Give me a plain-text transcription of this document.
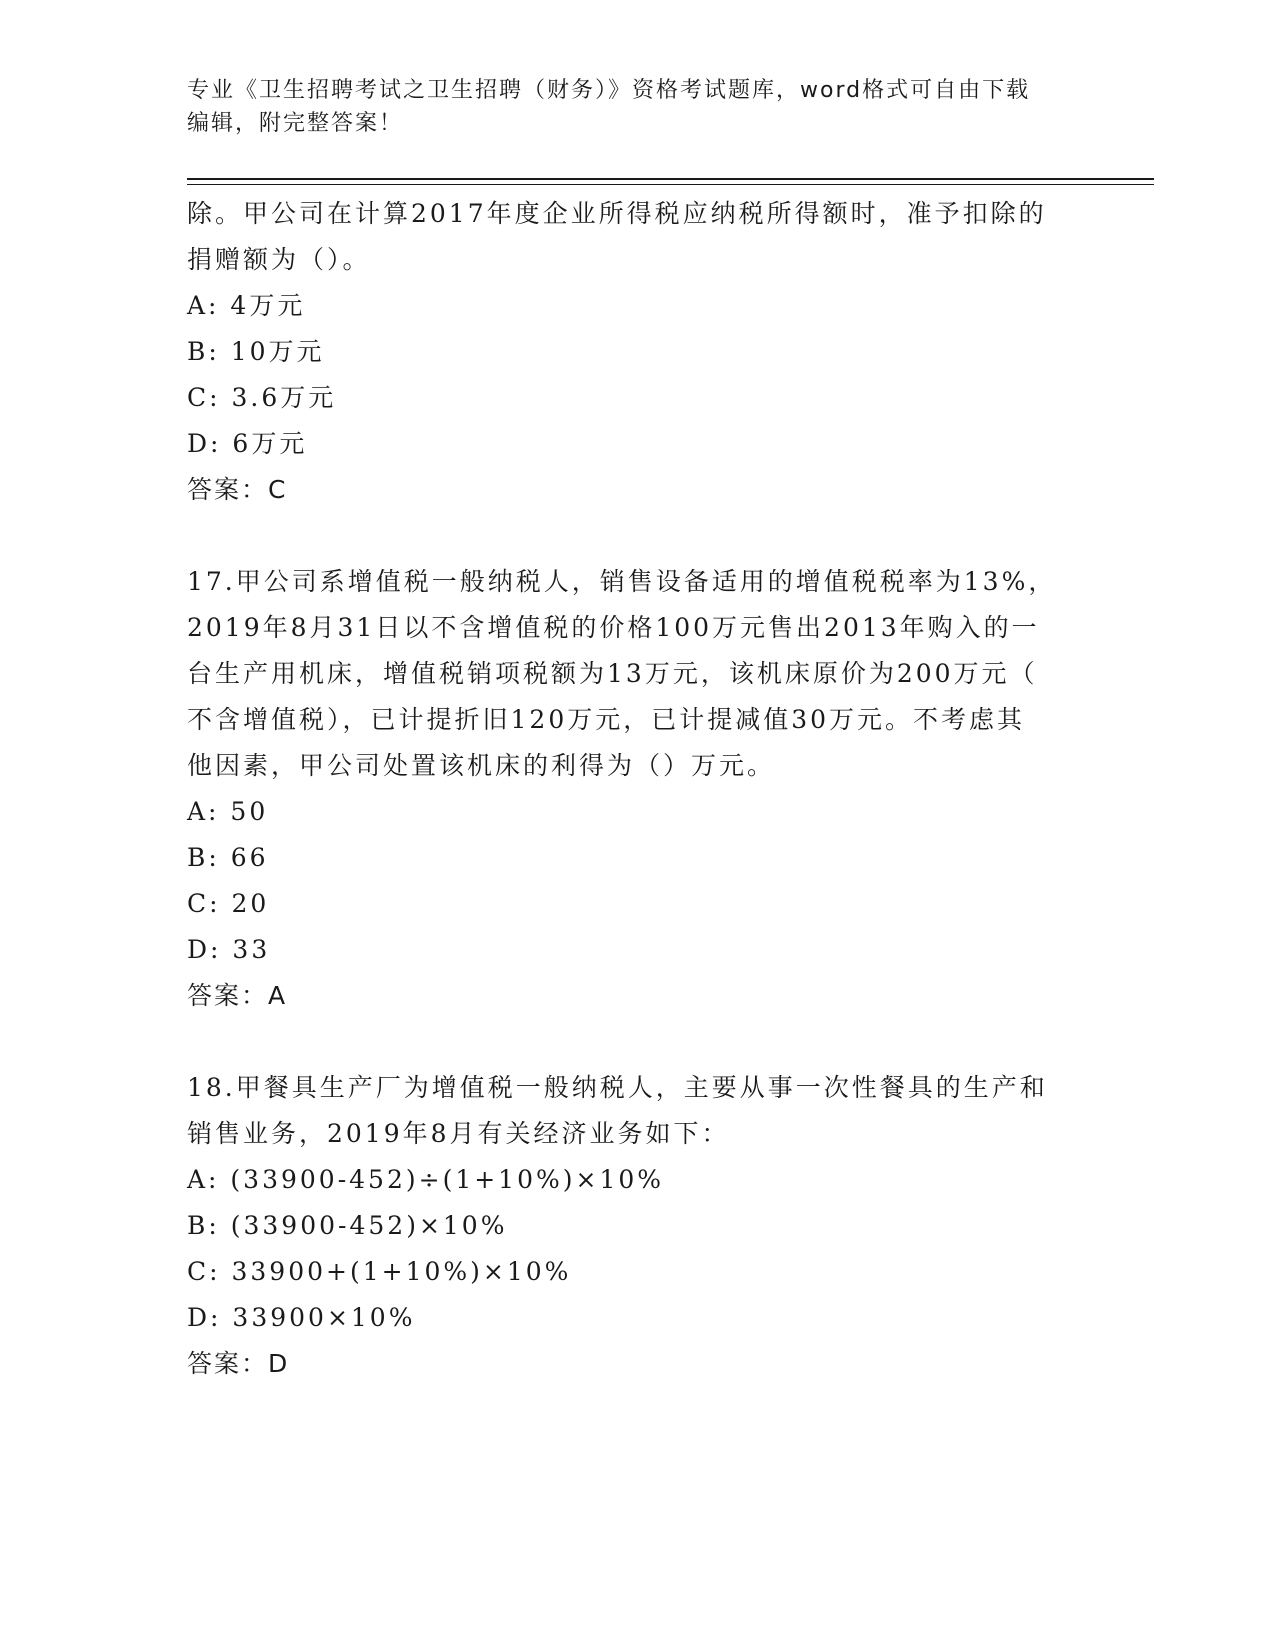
专业《卫生招聘考试之卫生招聘（财务）》资格考试题库，word格式可自由下载
编辑，附完整答案！
除。甲公司在计算2017年度企业所得税应纳税所得额时，准予扣除的
捐赠额为（）。
A: 4万元
B: 10万元
C: 3.6万元
D: 6万元
答案：C
17.甲公司系增值税一般纳税人，销售设备适用的增值税税率为13%，
2019年8月31日以不含增值税的价格100万元售出2013年购入的一
台生产用机床，增值税销项税额为13万元，该机床原价为200万元（
不含增值税），已计提折旧120万元，已计提减值30万元。不考虑其
他因素，甲公司处置该机床的利得为（）万元。
A: 50
B: 66
C: 20
D: 33
答案：A
18.甲餐具生产厂为增值税一般纳税人，主要从事一次性餐具的生产和
销售业务，2019年8月有关经济业务如下：
A: (33900-452)÷(1+10%)×10%
B: (33900-452)×10%
C: 33900+(1+10%)×10%
D: 33900×10%
答案：D
